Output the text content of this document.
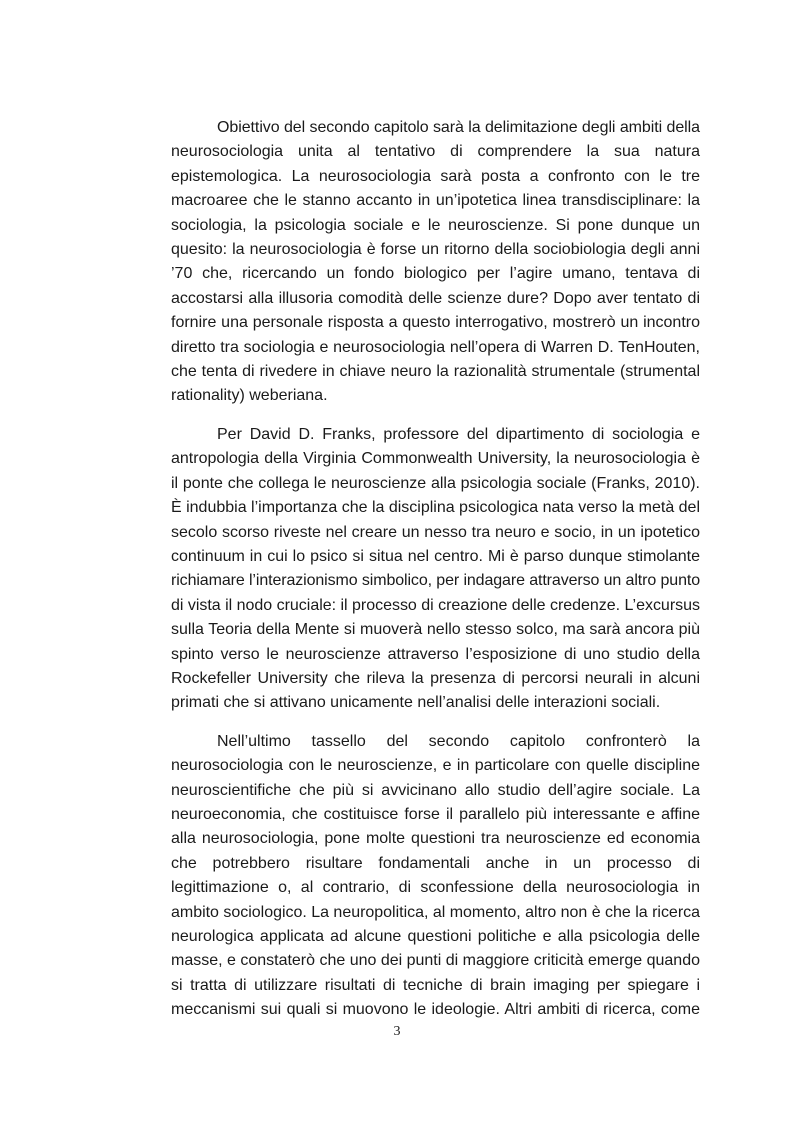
Obiettivo del secondo capitolo sarà la delimitazione degli ambiti della
neurosociologia unita al tentativo di comprendere la sua natura
epistemologica. La neurosociologia sarà posta a confronto con le tre
macroaree che le stanno accanto in un’ipotetica linea transdisciplinare: la
sociologia, la psicologia sociale e le neuroscienze. Si pone dunque un
quesito: la neurosociologia è forse un ritorno della sociobiologia degli anni
’70 che, ricercando un fondo biologico per l’agire umano, tentava di
accostarsi alla illusoria comodità delle scienze dure? Dopo aver tentato di
fornire una personale risposta a questo interrogativo, mostrerò un incontro
diretto tra sociologia e neurosociologia nell’opera di Warren D. TenHouten,
che tenta di rivedere in chiave neuro la razionalità strumentale (strumental
rationality) weberiana.
Per David D. Franks, professore del dipartimento di sociologia e
antropologia della Virginia Commonwealth University, la neurosociologia è
il ponte che collega le neuroscienze alla psicologia sociale (Franks, 2010).
È indubbia l’importanza che la disciplina psicologica nata verso la metà del
secolo scorso riveste nel creare un nesso tra neuro e socio, in un ipotetico
continuum in cui lo psico si situa nel centro. Mi è parso dunque stimolante
richiamare l’interazionismo simbolico, per indagare attraverso un altro punto
di vista il nodo cruciale: il processo di creazione delle credenze. L’excursus
sulla Teoria della Mente si muoverà nello stesso solco, ma sarà ancora più
spinto verso le neuroscienze attraverso l’esposizione di uno studio della
Rockefeller University che rileva la presenza di percorsi neurali in alcuni
primati che si attivano unicamente nell’analisi delle interazioni sociali.
Nell’ultimo tassello del secondo capitolo confronterò la
neurosociologia con le neuroscienze, e in particolare con quelle discipline
neuroscientifiche che più si avvicinano allo studio dell’agire sociale. La
neuroeconomia, che costituisce forse il parallelo più interessante e affine
alla neurosociologia, pone molte questioni tra neuroscienze ed economia
che potrebbero risultare fondamentali anche in un processo di
legittimazione o, al contrario, di sconfessione della neurosociologia in
ambito sociologico. La neuropolitica, al momento, altro non è che la ricerca
neurologica applicata ad alcune questioni politiche e alla psicologia delle
masse, e constaterò che uno dei punti di maggiore criticità emerge quando
si tratta di utilizzare risultati di tecniche di brain imaging per spiegare i
meccanismi sui quali si muovono le ideologie. Altri ambiti di ricerca, come
3
